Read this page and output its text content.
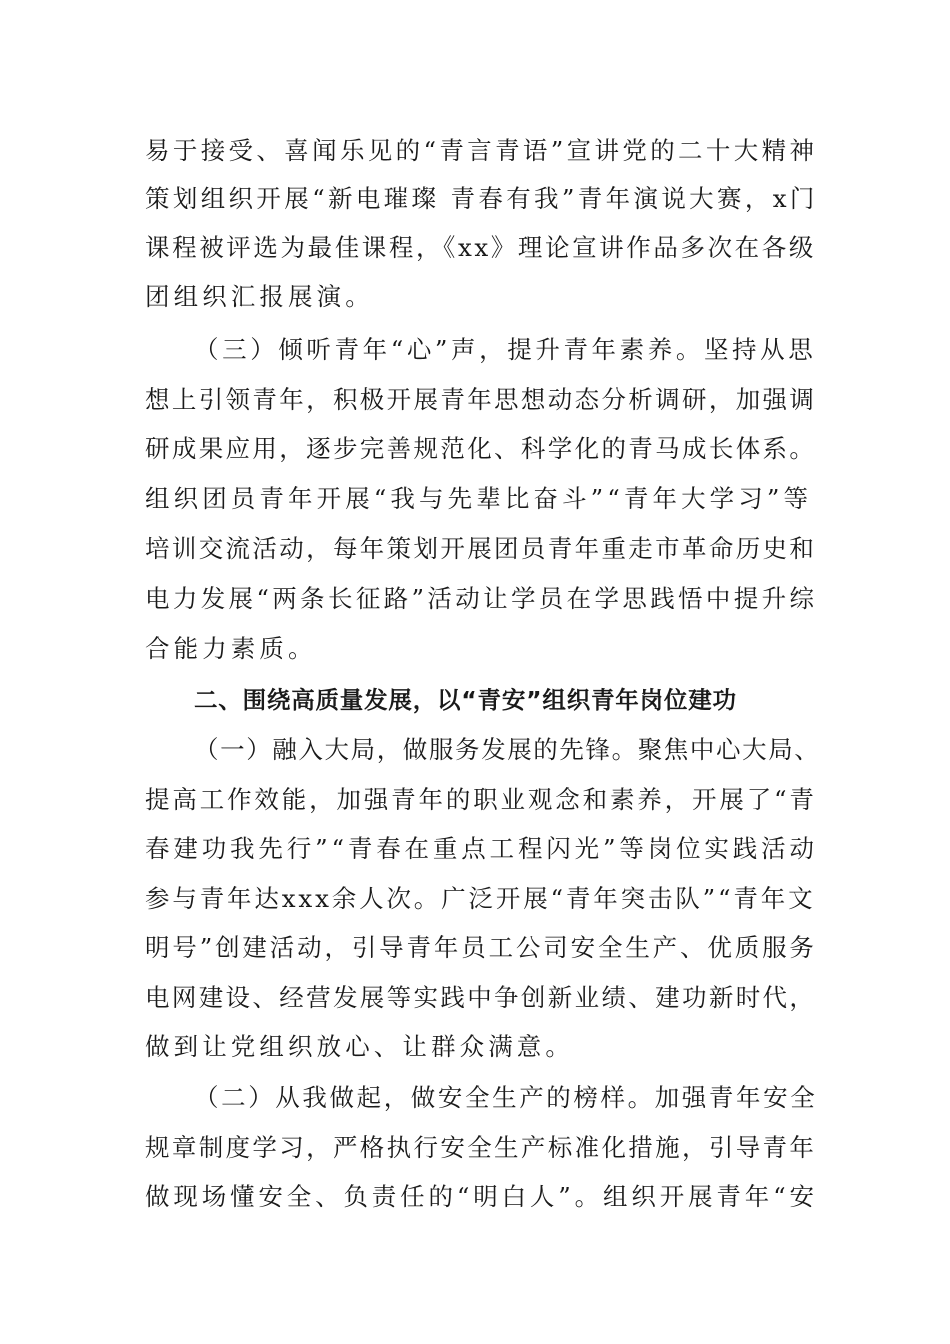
易于接受、喜闻乐见的“青言青语”宣讲党的二十大精神
策划组织开展“新电璀璨 青春有我”青年演说大赛，x门
课程被评选为最佳课程，《xx》理论宣讲作品多次在各级
团组织汇报展演。
（三）倾听青年“心”声，提升青年素养。坚持从思
想上引领青年，积极开展青年思想动态分析调研，加强调
研成果应用，逐步完善规范化、科学化的青马成长体系。
组织团员青年开展“我与先辈比奋斗”“青年大学习”等
培训交流活动，每年策划开展团员青年重走市革命历史和
电力发展“两条长征路”活动让学员在学思践悟中提升综
合能力素质。
二、围绕高质量发展，以“青安”组织青年岗位建功
（一）融入大局，做服务发展的先锋。聚焦中心大局、
提高工作效能，加强青年的职业观念和素养，开展了“青
春建功我先行”“青春在重点工程闪光”等岗位实践活动
参与青年达xxx余人次。广泛开展“青年突击队”“青年文
明号”创建活动，引导青年员工公司安全生产、优质服务
电网建设、经营发展等实践中争创新业绩、建功新时代，
做到让党组织放心、让群众满意。
（二）从我做起，做安全生产的榜样。加强青年安全
规章制度学习，严格执行安全生产标准化措施，引导青年
做现场懂安全、负责任的“明白人”。组织开展青年“安
